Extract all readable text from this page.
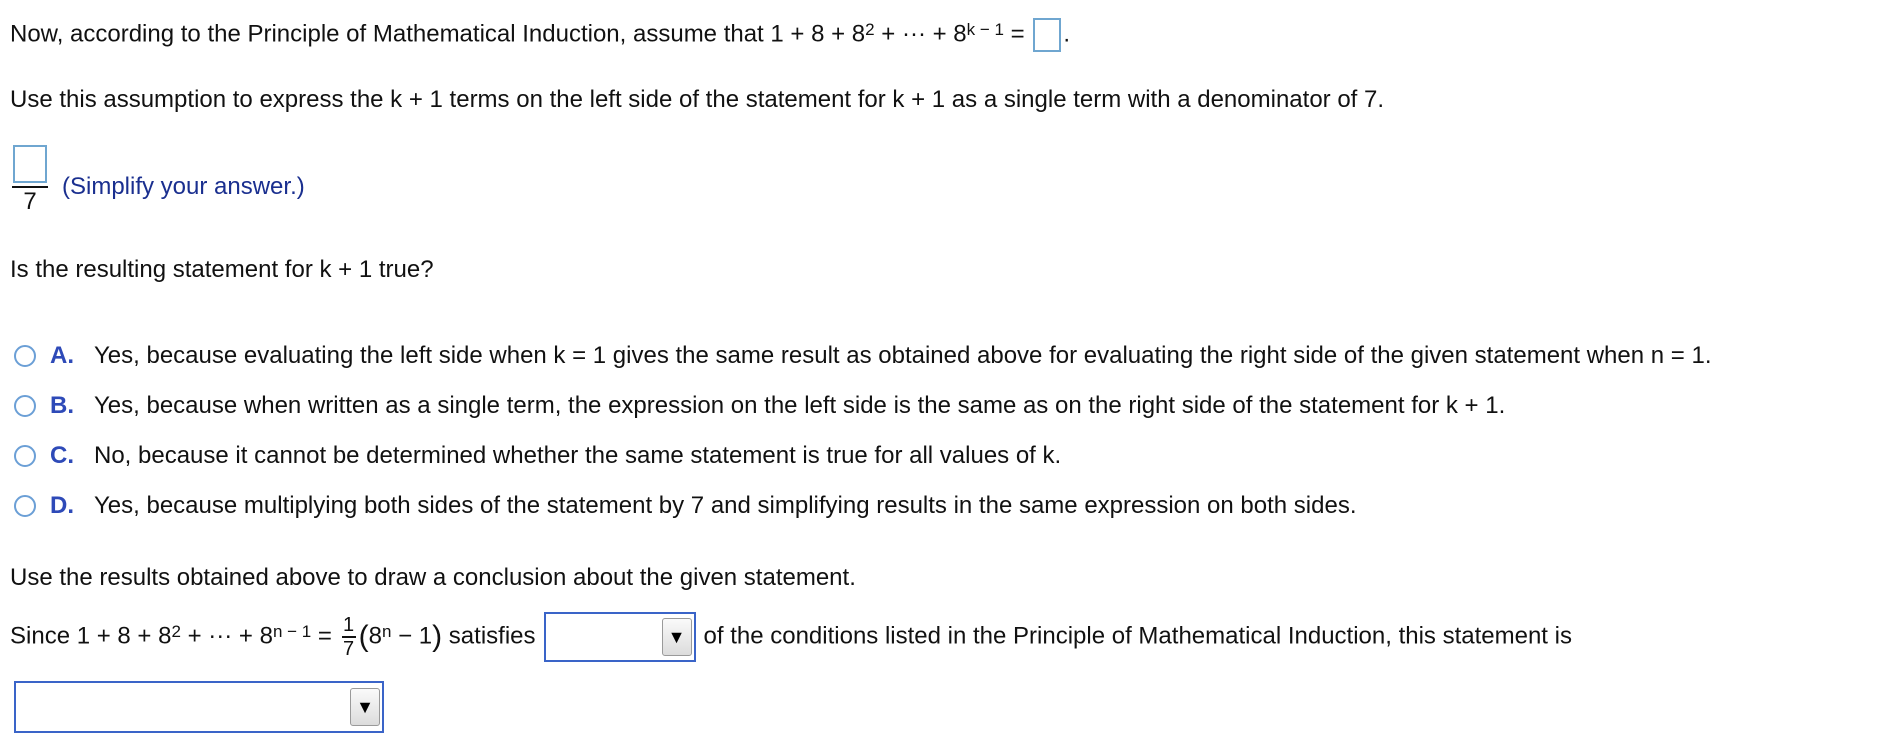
Now, according to the Principle of Mathematical Induction, assume that $1 + 8 + 8^2$ + ··· + $8^{k - 1}$ = .
Use this assumption to express the k + 1 terms on the left side of the statement for k + 1 as a single term with a denominator of 7.
7
(Simplify your answer.)
Is the resulting statement for k + 1 true?
A. Yes, because evaluating the left side when k = 1 gives the same result as obtained above for evaluating the right side of the given statement when n = 1.
B. Yes, because when written as a single term, the expression on the left side is the same as on the right side of the statement for k + 1.
C. No, because it cannot be determined whether the same statement is true for all values of k.
D. Yes, because multiplying both sides of the statement by 7 and simplifying results in the same expression on both sides.
Use the results obtained above to draw a conclusion about the given statement.
Since $1 + 8 + 8^2$ + ··· + $8^{n - 1} = \frac{1}{7} (8^n - 1)$ satisfies	▼ of the conditions listed in the Principle of Mathematical Induction, this statement is
▼
